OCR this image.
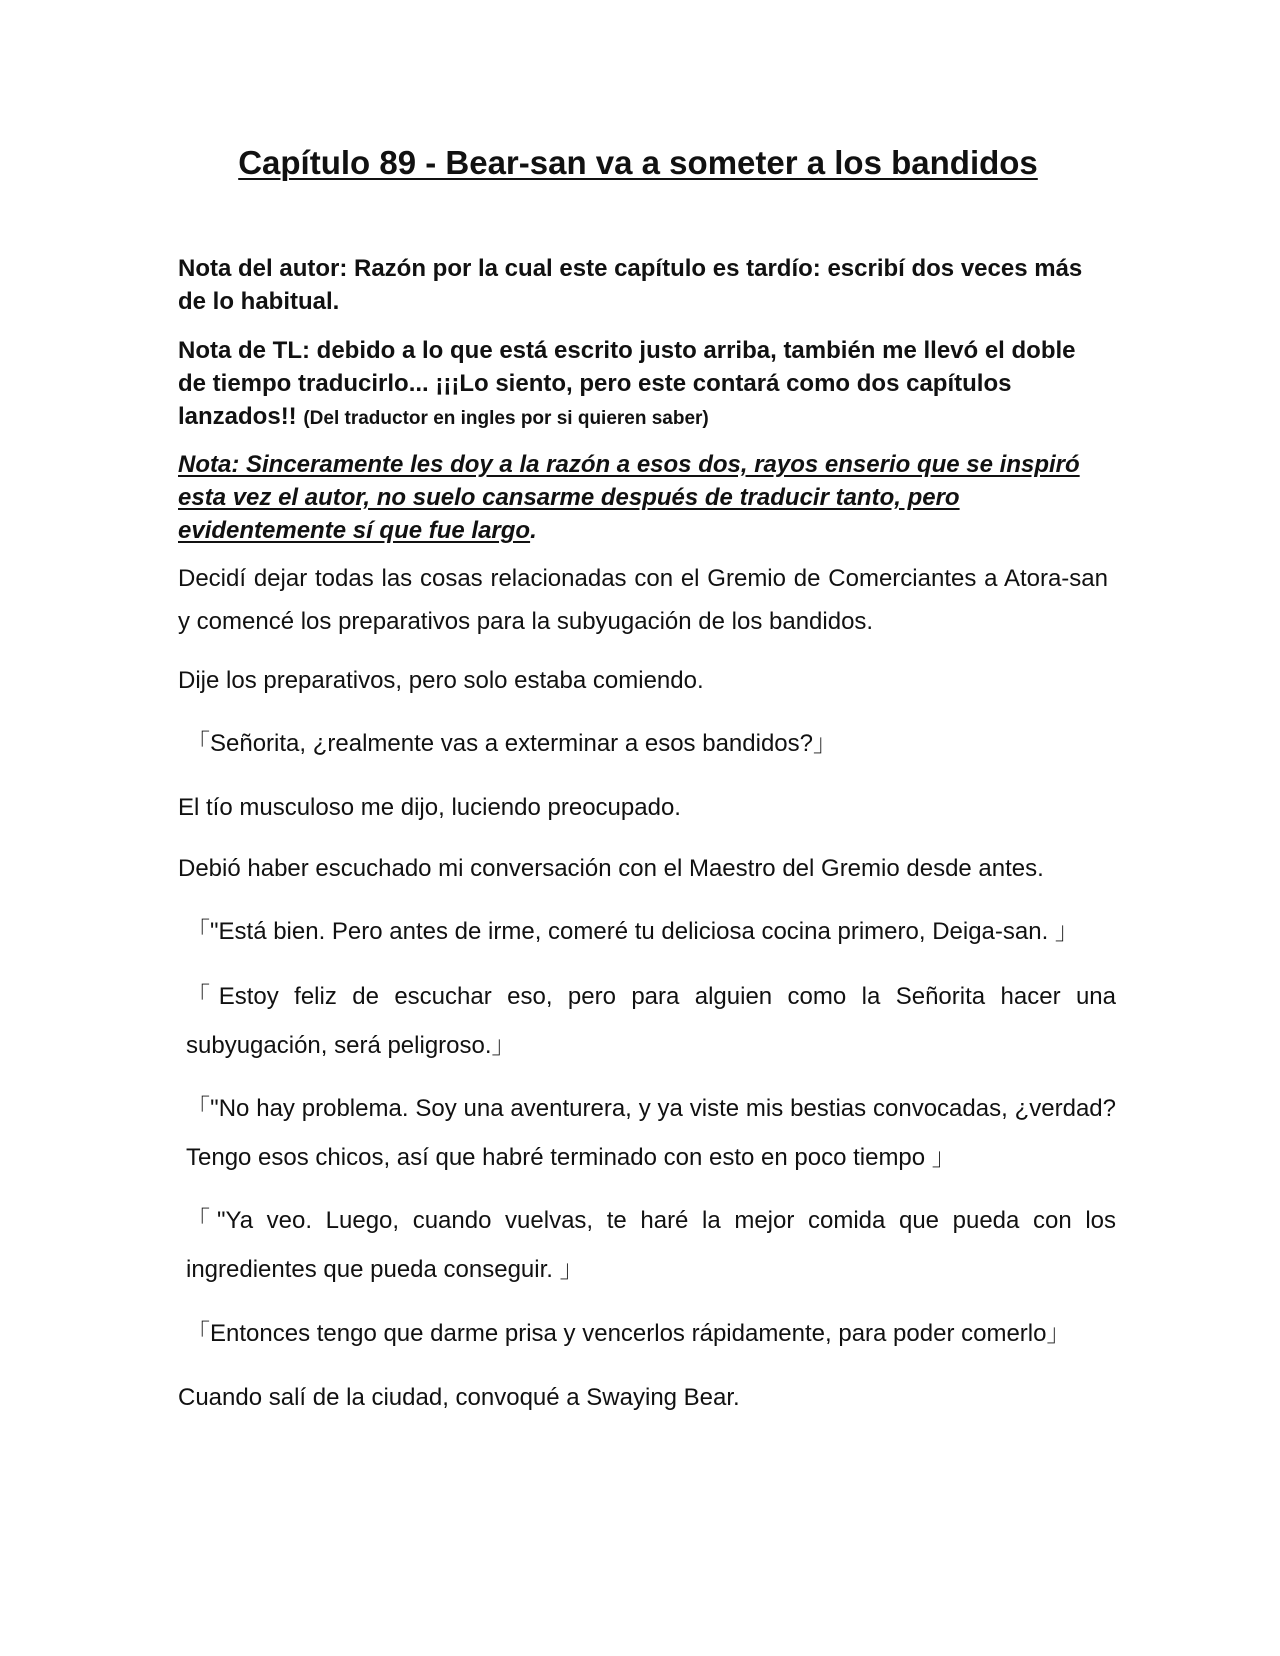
Capítulo 89 - Bear-san va a someter a los bandidos

Nota del autor: Razón por la cual este capítulo es tardío: escribí dos veces más de lo habitual.

Nota de TL: debido a lo que está escrito justo arriba, también me llevó el doble de tiempo traducirlo... ¡¡¡Lo siento, pero este contará como dos capítulos lanzados!! (Del traductor en ingles por si quieren saber)

Nota: Sinceramente les doy a la razón a esos dos, rayos enserio que se inspiró esta vez el autor, no suelo cansarme después de traducir tanto, pero evidentemente sí que fue largo.

Decidí dejar todas las cosas relacionadas con el Gremio de Comerciantes a Atora-san y comencé los preparativos para la subyugación de los bandidos.

Dije los preparativos, pero solo estaba comiendo.

「Señorita, ¿realmente vas a exterminar a esos bandidos?」

El tío musculoso me dijo, luciendo preocupado.

Debió haber escuchado mi conversación con el Maestro del Gremio desde antes.

「"Está bien. Pero antes de irme, comeré tu deliciosa cocina primero, Deiga-san. 」

「Estoy feliz de escuchar eso, pero para alguien como la Señorita hacer una subyugación, será peligroso.」

「"No hay problema. Soy una aventurera, y ya viste mis bestias convocadas, ¿verdad? Tengo esos chicos, así que habré terminado con esto en poco tiempo 」

「"Ya veo. Luego, cuando vuelvas, te haré la mejor comida que pueda con los ingredientes que pueda conseguir. 」

「Entonces tengo que darme prisa y vencerlos rápidamente, para poder comerlo」

Cuando salí de la ciudad, convoqué a Swaying Bear.
